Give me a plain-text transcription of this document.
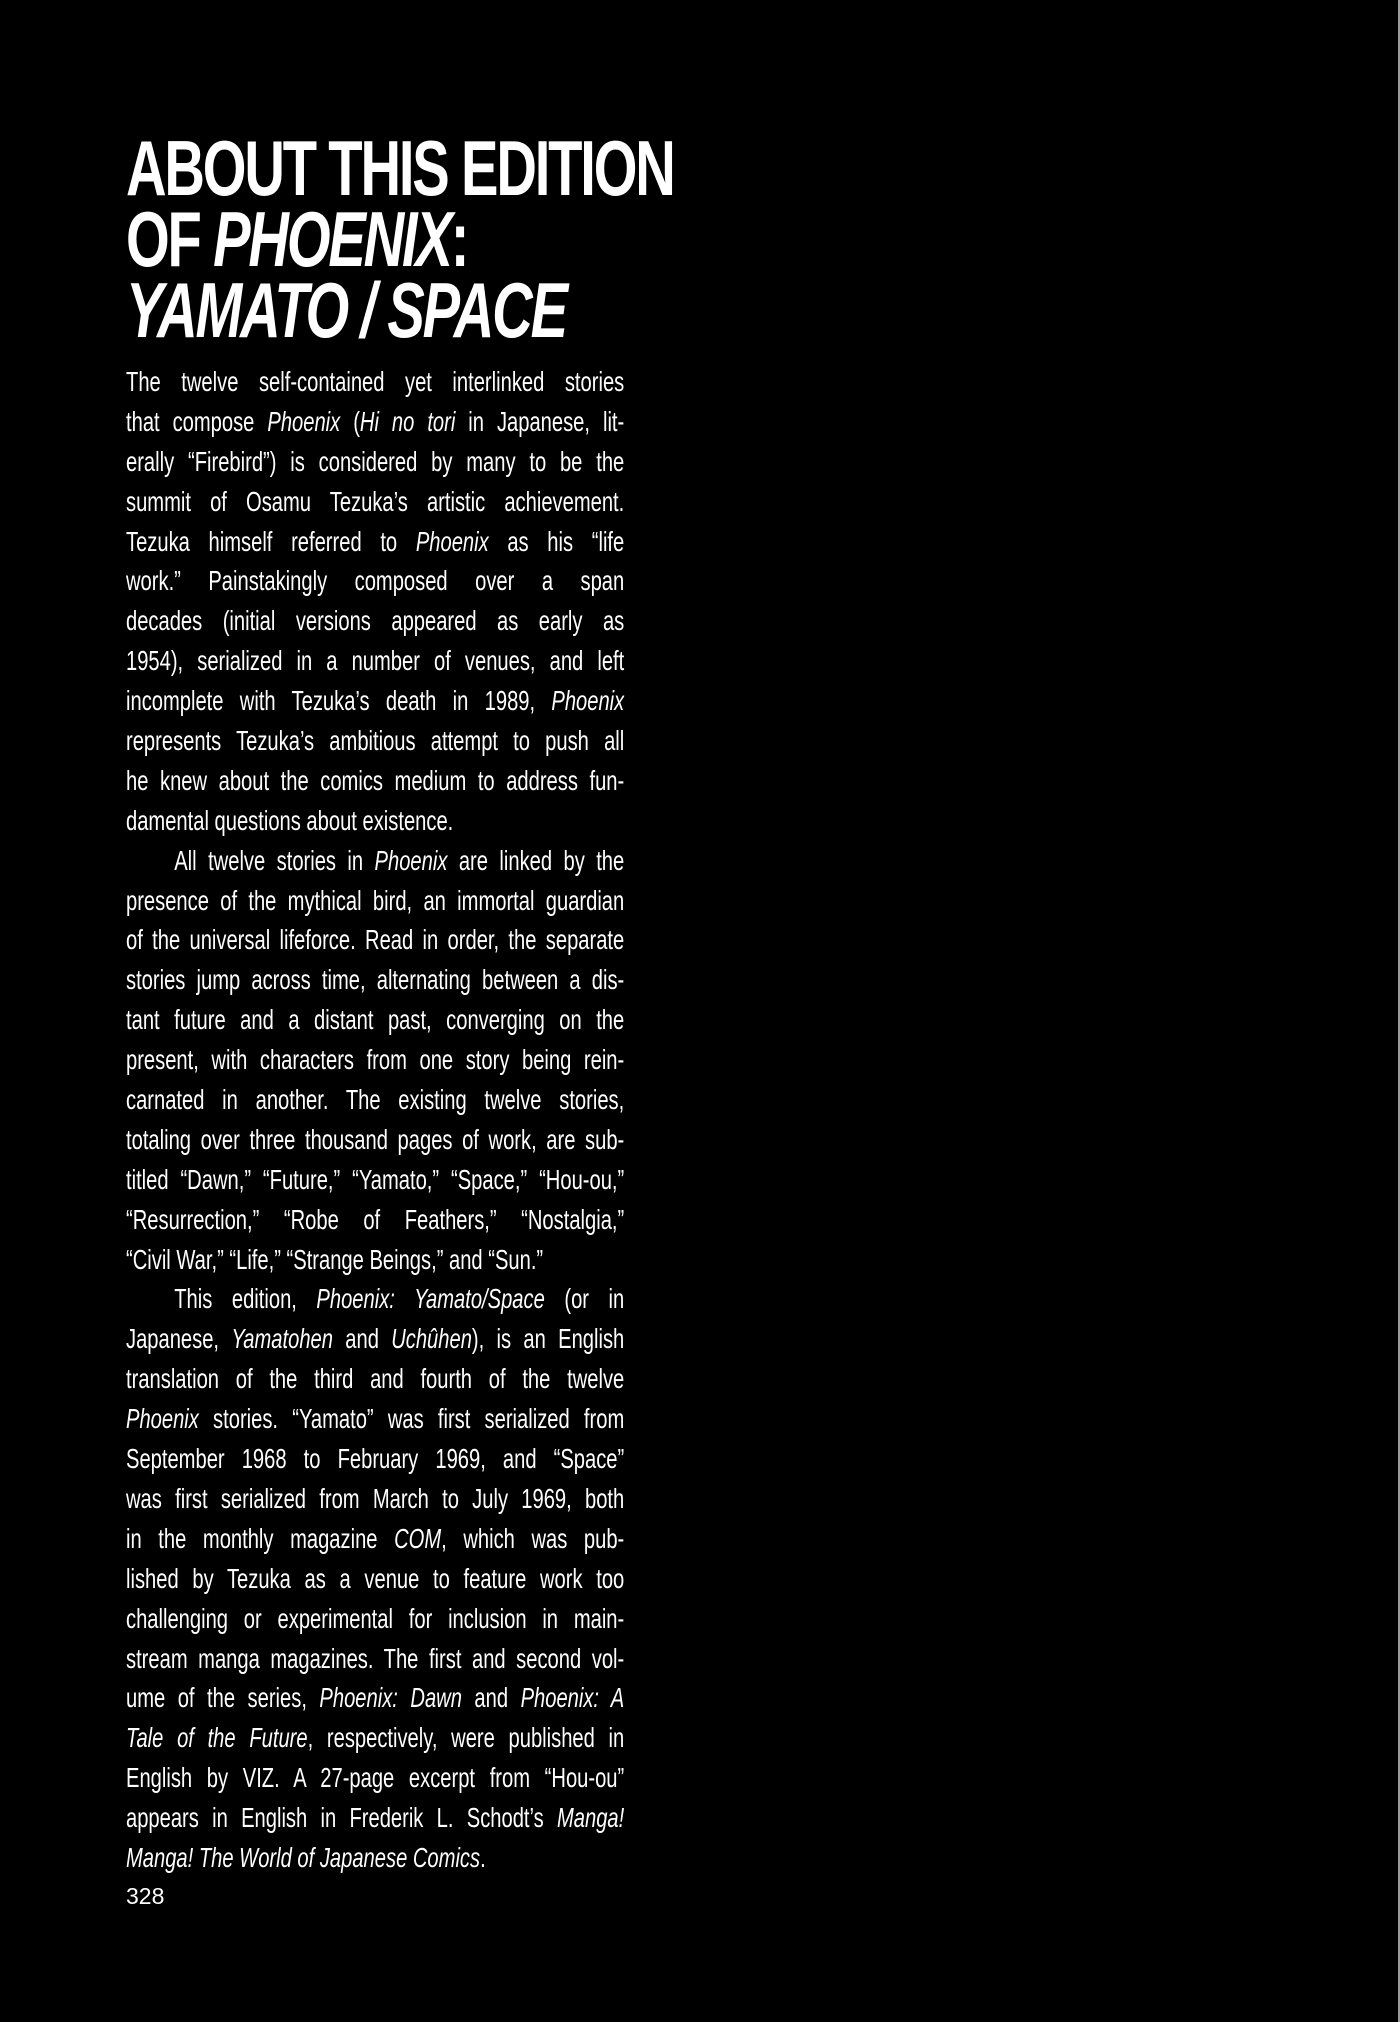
ABOUT THIS EDITION
OF PHOENIX:
YAMATO / SPACE
The twelve self-contained yet interlinked stories
that compose Phoenix (Hi no tori in Japanese, lit-
erally “Firebird”) is considered by many to be the
summit of Osamu Tezuka’s artistic achievement.
Tezuka himself referred to Phoenix as his “life
work.” Painstakingly composed over a span
decades (initial versions appeared as early as
1954), serialized in a number of venues, and left
incomplete with Tezuka’s death in 1989, Phoenix
represents Tezuka’s ambitious attempt to push all
he knew about the comics medium to address fun-
damental questions about existence.
All twelve stories in Phoenix are linked by the
presence of the mythical bird, an immortal guardian
of the universal lifeforce. Read in order, the separate
stories jump across time, alternating between a dis-
tant future and a distant past, converging on the
present, with characters from one story being rein-
carnated in another. The existing twelve stories,
totaling over three thousand pages of work, are sub-
titled “Dawn,” “Future,” “Yamato,” “Space,” “Hou-ou,”
“Resurrection,” “Robe of Feathers,” “Nostalgia,”
“Civil War,” “Life,” “Strange Beings,” and “Sun.”
This edition, Phoenix: Yamato/Space (or in
Japanese, Yamatohen and Uchûhen), is an English
translation of the third and fourth of the twelve
Phoenix stories. “Yamato” was first serialized from
September 1968 to February 1969, and “Space”
was first serialized from March to July 1969, both
in the monthly magazine COM, which was pub-
lished by Tezuka as a venue to feature work too
challenging or experimental for inclusion in main-
stream manga magazines. The first and second vol-
ume of the series, Phoenix: Dawn and Phoenix: A
Tale of the Future, respectively, were published in
English by VIZ. A 27-page excerpt from “Hou-ou”
appears in English in Frederik L. Schodt’s Manga!
Manga! The World of Japanese Comics.
328
